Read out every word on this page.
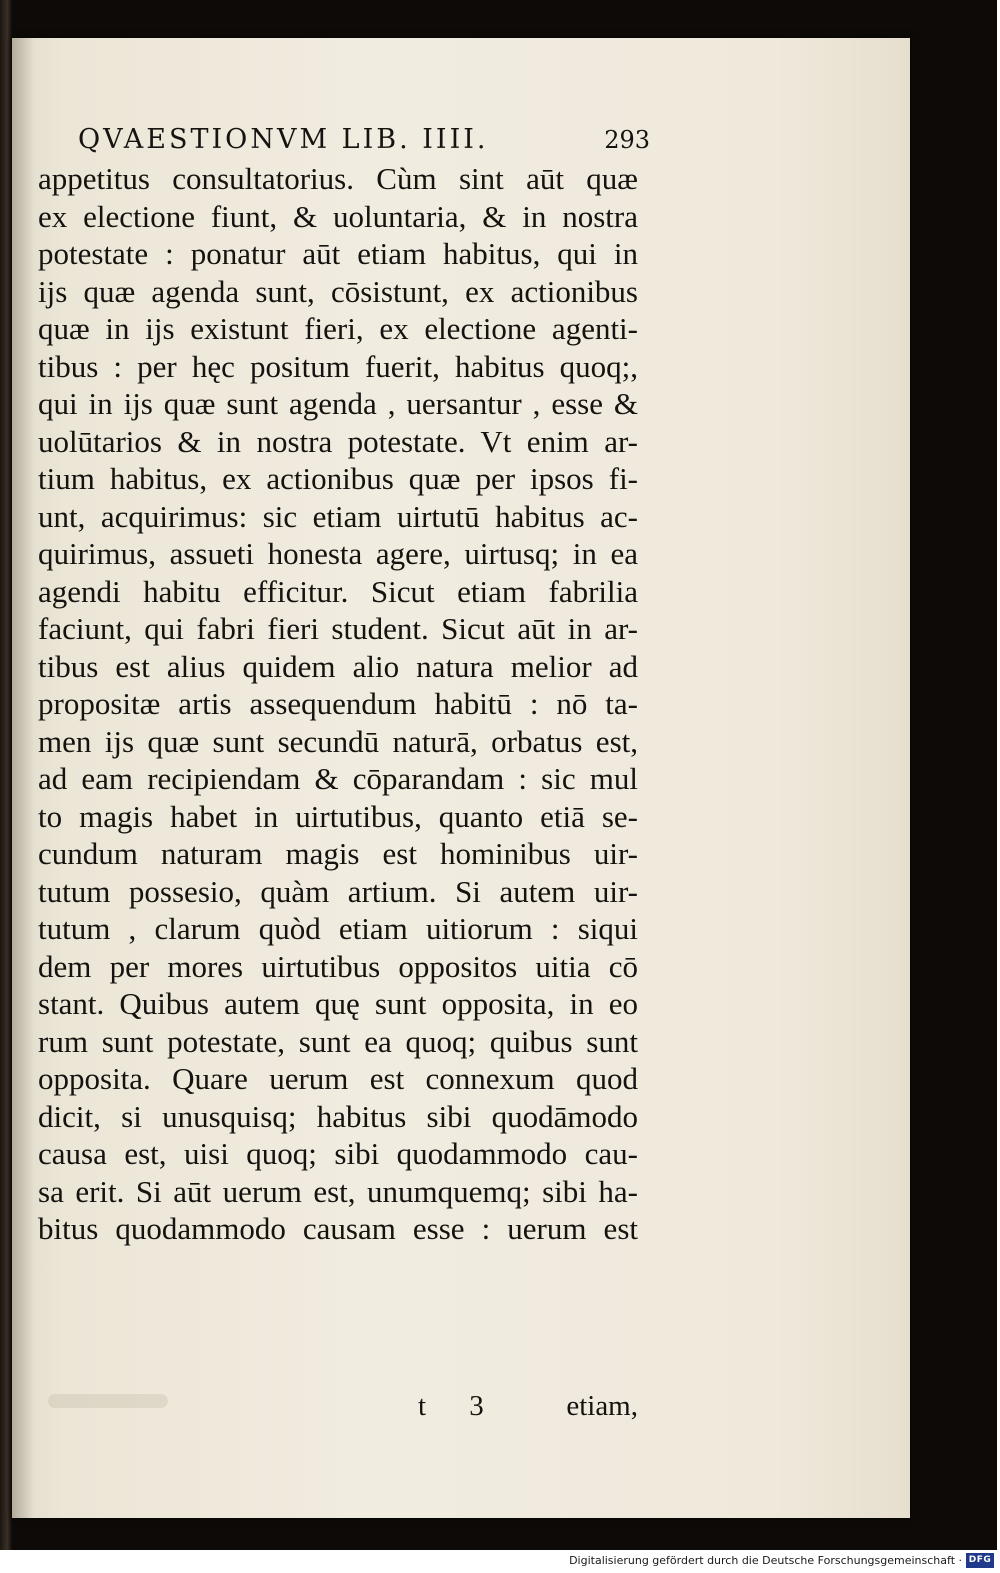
QVAESTIONVM LIB. IIII.	293
appetitus consultatorius. Cùm sint aūt quæ
ex electione fiunt, & uoluntaria, & in nostra
potestate : ponatur aūt etiam habitus, qui in
ijs quæ agenda sunt, cōsistunt, ex actionibus
quæ in ijs existunt fieri, ex electione agenti-
tibus : per hęc positum fuerit, habitus quoq;,
qui in ijs quæ sunt agenda , uersantur , esse &
uolūtarios & in nostra potestate. Vt enim ar-
tium habitus, ex actionibus quæ per ipsos fi-
unt, acquirimus: sic etiam uirtutū habitus ac-
quirimus, assueti honesta agere, uirtusq; in ea
agendi habitu efficitur. Sicut etiam fabrilia
faciunt, qui fabri fieri student. Sicut aūt in ar-
tibus est alius quidem alio natura melior ad
propositæ artis assequendum habitū : nō ta-
men ijs quæ sunt secundū naturā, orbatus est,
ad eam recipiendam & cōparandam : sic mul
to magis habet in uirtutibus, quanto etiā se-
cundum naturam magis est hominibus uir-
tutum possesio, quàm artium. Si autem uir-
tutum , clarum quòd etiam uitiorum : siqui
dem per mores uirtutibus oppositos uitia cō
stant. Quibus autem quę sunt opposita, in eo
rum sunt potestate, sunt ea quoq; quibus sunt
opposita. Quare uerum est connexum quod
dicit, si unusquisq; habitus sibi quodāmodo
causa est, uisi quoq; sibi quodammodo cau-
sa erit. Si aūt uerum est, unumquemq; sibi ha-
bitus quodammodo causam esse : uerum est
t 3 etiam,
Digitalisierung gefördert durch die Deutsche Forschungsgemeinschaft · DFG
